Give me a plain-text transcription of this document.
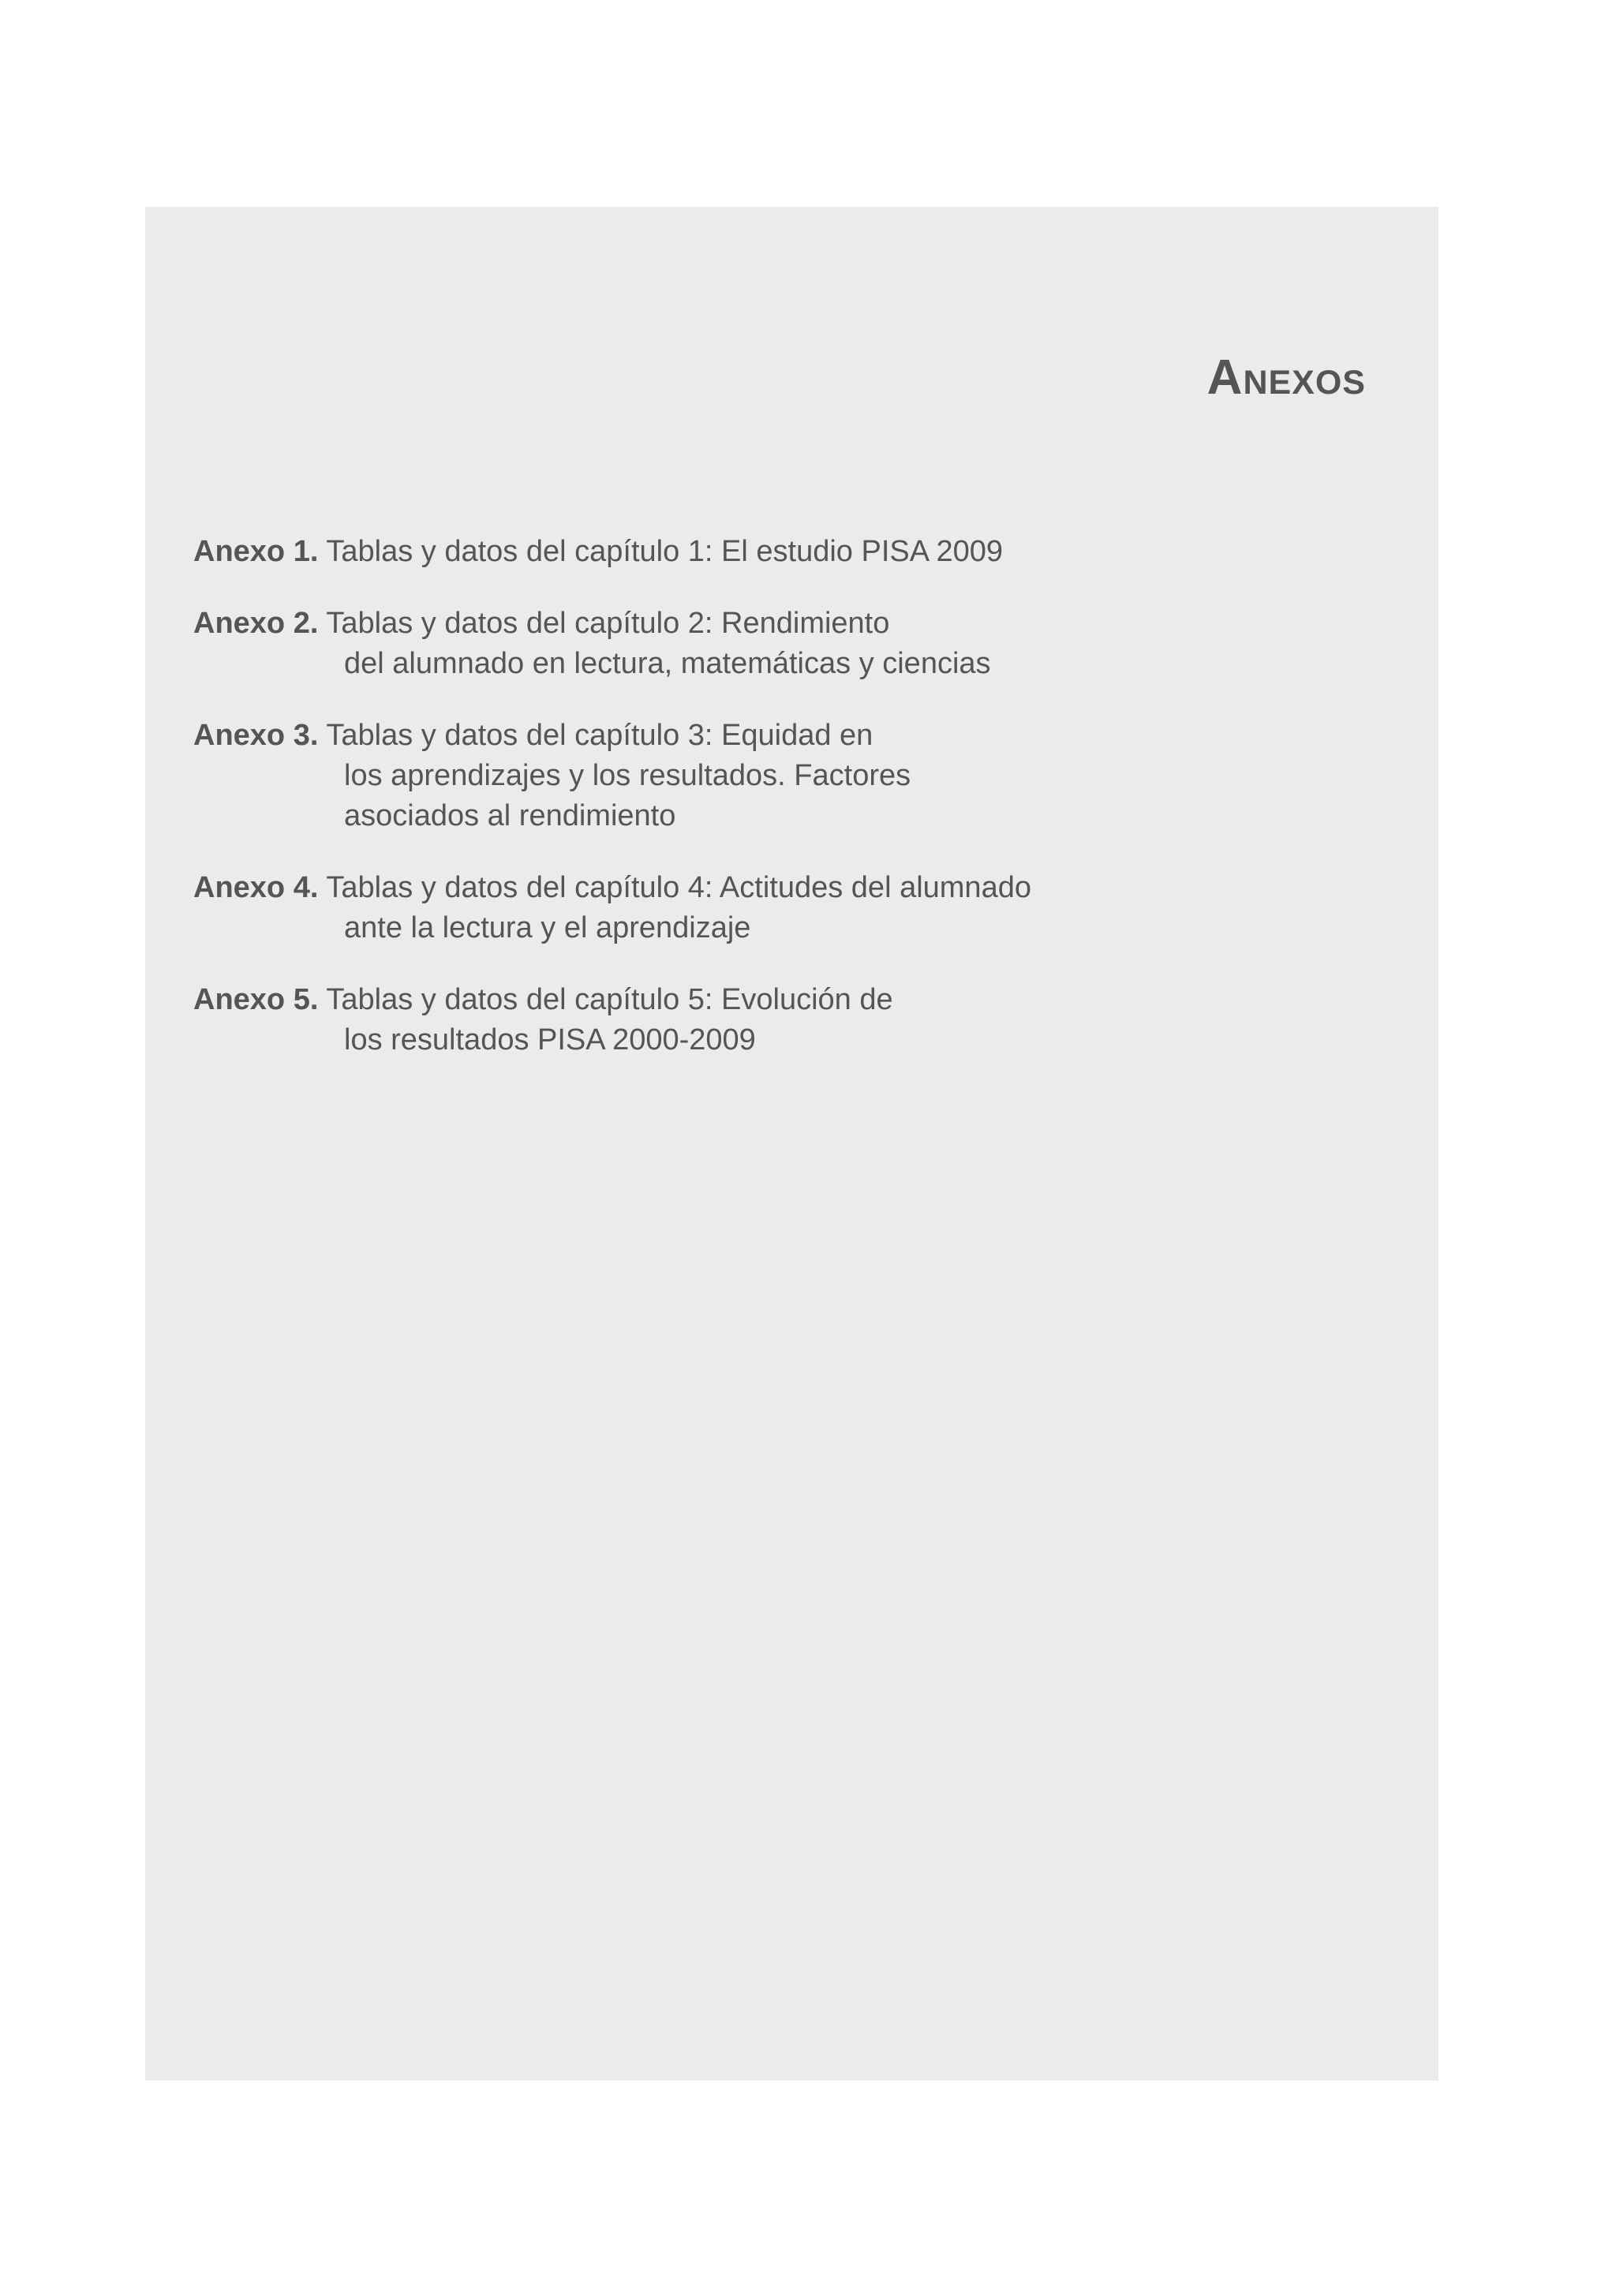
Anexos
Anexo 1. Tablas y datos del capítulo 1: El estudio PISA 2009
Anexo 2. Tablas y datos del capítulo 2: Rendimiento
del alumnado en lectura, matemáticas y ciencias
Anexo 3. Tablas y datos del capítulo 3: Equidad en
los aprendizajes y los resultados. Factores
asociados al rendimiento
Anexo 4. Tablas y datos del capítulo 4: Actitudes del alumnado
ante la lectura y el aprendizaje
Anexo 5. Tablas y datos del capítulo 5: Evolución de
los resultados PISA 2000-2009
